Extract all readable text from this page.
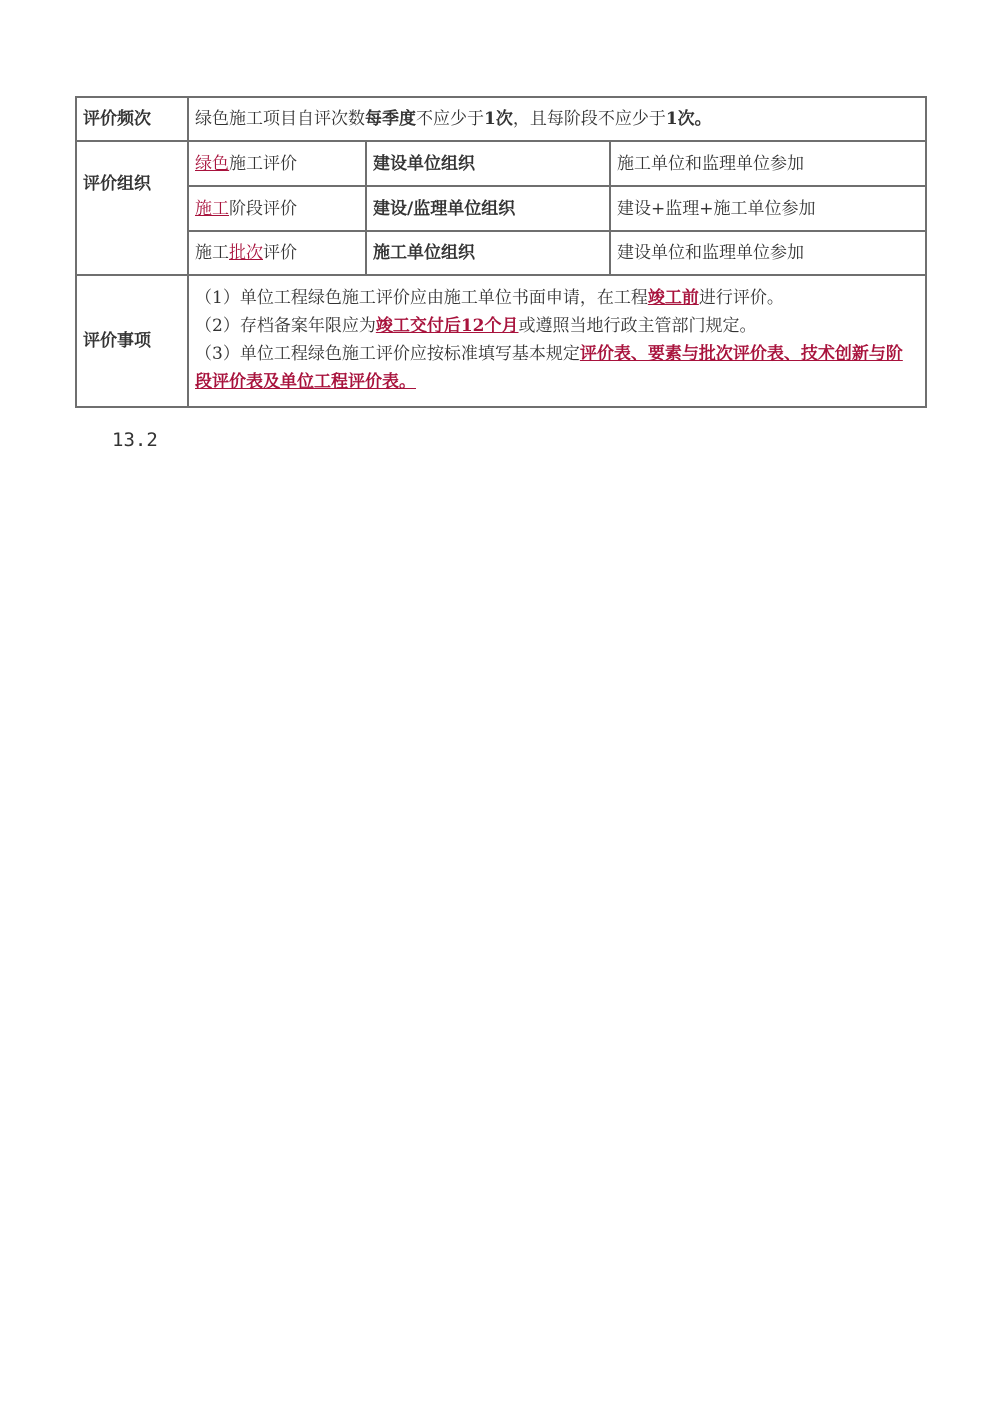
评价频次	绿色施工项目自评次数每季度不应少于1次，且每阶段不应少于1次。		
评价组织	绿色施工评价	建设单位组织	施工单位和监理单位参加
	施工阶段评价	建设/监理单位组织	建设+监理+施工单位参加
	施工批次评价	施工单位组织	建设单位和监理单位参加
评价事项	（1）单位工程绿色施工评价应由施工单位书面申请，在工程竣工前进行评价。
（2）存档备案年限应为竣工交付后12个月或遵照当地行政主管部门规定。
（3）单位工程绿色施工评价应按标准填写基本规定评价表、要素与批次评价表、技术创新与阶段评价表及单位工程评价表。		
13.2
